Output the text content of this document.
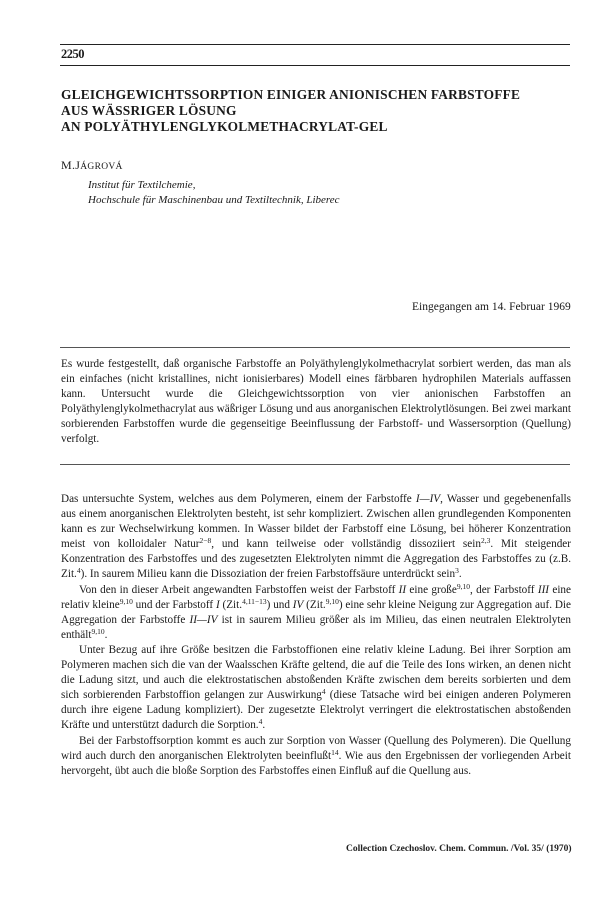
2250
GLEICHGEWICHTSSORPTION EINIGER ANIONISCHEN FARBSTOFFE
AUS WÄSSRIGER LÖSUNG
AN POLYÄTHYLENGLYKOLMETHACRYLAT-GEL
M.JÁGROVÁ
Institut für Textilchemie,
Hochschule für Maschinenbau und Textiltechnik, Liberec
Eingegangen am 14. Februar 1969

Es wurde festgestellt, daß organische Farbstoffe an Polyäthylenglykolmethacrylat sorbiert werden, das man als ein einfaches (nicht kristallines, nicht ionisierbares) Modell eines färbbaren hydrophilen Materials auffassen kann. Untersucht wurde die Gleichgewichtssorption von vier anionischen Farbstoffen an Polyäthylenglykolmethacrylat aus wäßriger Lösung und aus anorganischen Elektrolytlösungen. Bei zwei markant sorbierenden Farbstoffen wurde die gegenseitige Beeinflussung der Farbstoff- und Wassersorption (Quellung) verfolgt.

Das untersuchte System, welches aus dem Polymeren, einem der Farbstoffe I—IV, Wasser und gegebenenfalls aus einem anorganischen Elektrolyten besteht, ist sehr kompliziert. Zwischen allen grundlegenden Komponenten kann es zur Wechselwirkung kommen. In Wasser bildet der Farbstoff eine Lösung, bei höherer Konzentration meist von kolloidaler Natur$^{2-8}$, und kann teilweise oder vollständig dissoziiert sein$^{2,3}$. Mit steigender Konzentration des Farbstoffes und des zugesetzten Elektrolyten nimmt die Aggregation des Farbstoffes zu (z.B. Zit.$^4$). In saurem Milieu kann die Dissoziation der freien Farbstoffsäure unterdrückt sein$^3$.

Von den in dieser Arbeit angewandten Farbstoffen weist der Farbstoff II eine große$^{9,10}$, der Farbstoff III eine relativ kleine$^{9,10}$ und der Farbstoff I (Zit.$^{4,11-13}$) und IV (Zit.$^{9,10}$) eine sehr kleine Neigung zur Aggregation auf. Die Aggregation der Farbstoffe II—IV ist in saurem Milieu größer als im Milieu, das einen neutralen Elektrolyten enthält$^{9,10}$.

Unter Bezug auf ihre Größe besitzen die Farbstoffionen eine relativ kleine Ladung. Bei ihrer Sorption am Polymeren machen sich die van der Waalsschen Kräfte geltend, die auf die Teile des Ions wirken, an denen nicht die Ladung sitzt, und auch die elektrostatischen abstoßenden Kräfte zwischen dem bereits sorbierten und dem sich sorbierenden Farbstoffion gelangen zur Auswirkung$^4$ (diese Tatsache wird bei einigen anderen Polymeren durch ihre eigene Ladung kompliziert). Der zugesetzte Elektrolyt verringert die elektrostatischen abstoßenden Kräfte und unterstützt dadurch die Sorption.$^4$.

Bei der Farbstoffsorption kommt es auch zur Sorption von Wasser (Quellung des Polymeren). Die Quellung wird auch durch den anorganischen Elektrolyten beeinflußt$^{14}$. Wie aus den Ergebnissen der vorliegenden Arbeit hervorgeht, übt auch die bloße Sorption des Farbstoffes einen Einfluß auf die Quellung aus.

Collection Czechoslov. Chem. Commun. /Vol. 35/ (1970)
